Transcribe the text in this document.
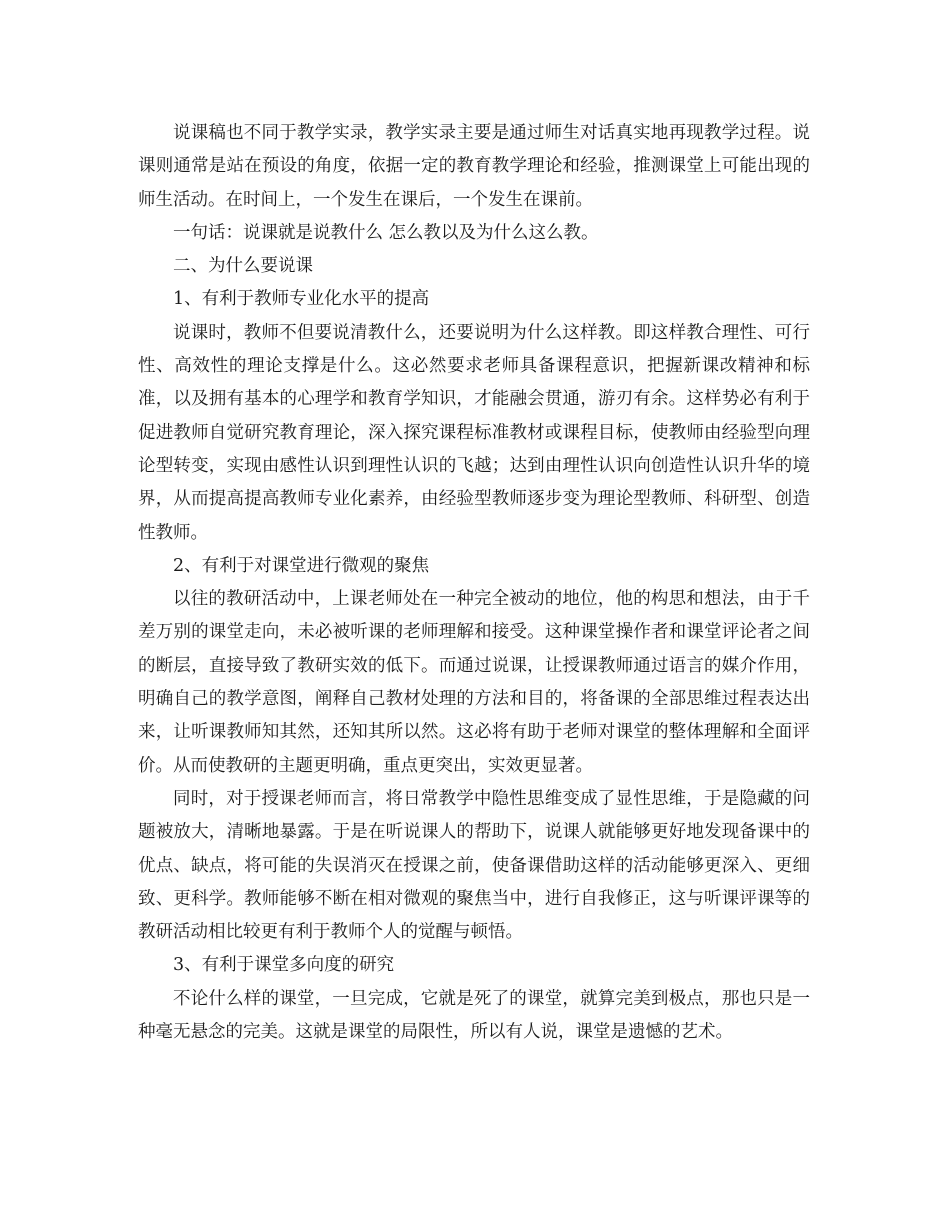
说课稿也不同于教学实录，教学实录主要是通过师生对话真实地再现教学过程。说课则通常是站在预设的角度，依据一定的教育教学理论和经验，推测课堂上可能出现的师生活动。在时间上，一个发生在课后，一个发生在课前。

一句话：说课就是说教什么 怎么教以及为什么这么教。

二、为什么要说课

1、有利于教师专业化水平的提高

说课时，教师不但要说清教什么，还要说明为什么这样教。即这样教合理性、可行性、高效性的理论支撑是什么。这必然要求老师具备课程意识，把握新课改精神和标准，以及拥有基本的心理学和教育学知识，才能融会贯通，游刃有余。这样势必有利于促进教师自觉研究教育理论，深入探究课程标准教材或课程目标，使教师由经验型向理论型转变，实现由感性认识到理性认识的飞越；达到由理性认识向创造性认识升华的境界，从而提高提高教师专业化素养，由经验型教师逐步变为理论型教师、科研型、创造性教师。

2、有利于对课堂进行微观的聚焦

以往的教研活动中，上课老师处在一种完全被动的地位，他的构思和想法，由于千差万别的课堂走向，未必被听课的老师理解和接受。这种课堂操作者和课堂评论者之间的断层，直接导致了教研实效的低下。而通过说课，让授课教师通过语言的媒介作用，明确自己的教学意图，阐释自己教材处理的方法和目的，将备课的全部思维过程表达出来，让听课教师知其然，还知其所以然。这必将有助于老师对课堂的整体理解和全面评价。从而使教研的主题更明确，重点更突出，实效更显著。

同时，对于授课老师而言，将日常教学中隐性思维变成了显性思维，于是隐藏的问题被放大，清晰地暴露。于是在听说课人的帮助下，说课人就能够更好地发现备课中的优点、缺点，将可能的失误消灭在授课之前，使备课借助这样的活动能够更深入、更细致、更科学。教师能够不断在相对微观的聚焦当中，进行自我修正，这与听课评课等的教研活动相比较更有利于教师个人的觉醒与顿悟。

3、有利于课堂多向度的研究

不论什么样的课堂，一旦完成，它就是死了的课堂，就算完美到极点，那也只是一种毫无悬念的完美。这就是课堂的局限性，所以有人说，课堂是遗憾的艺术。
